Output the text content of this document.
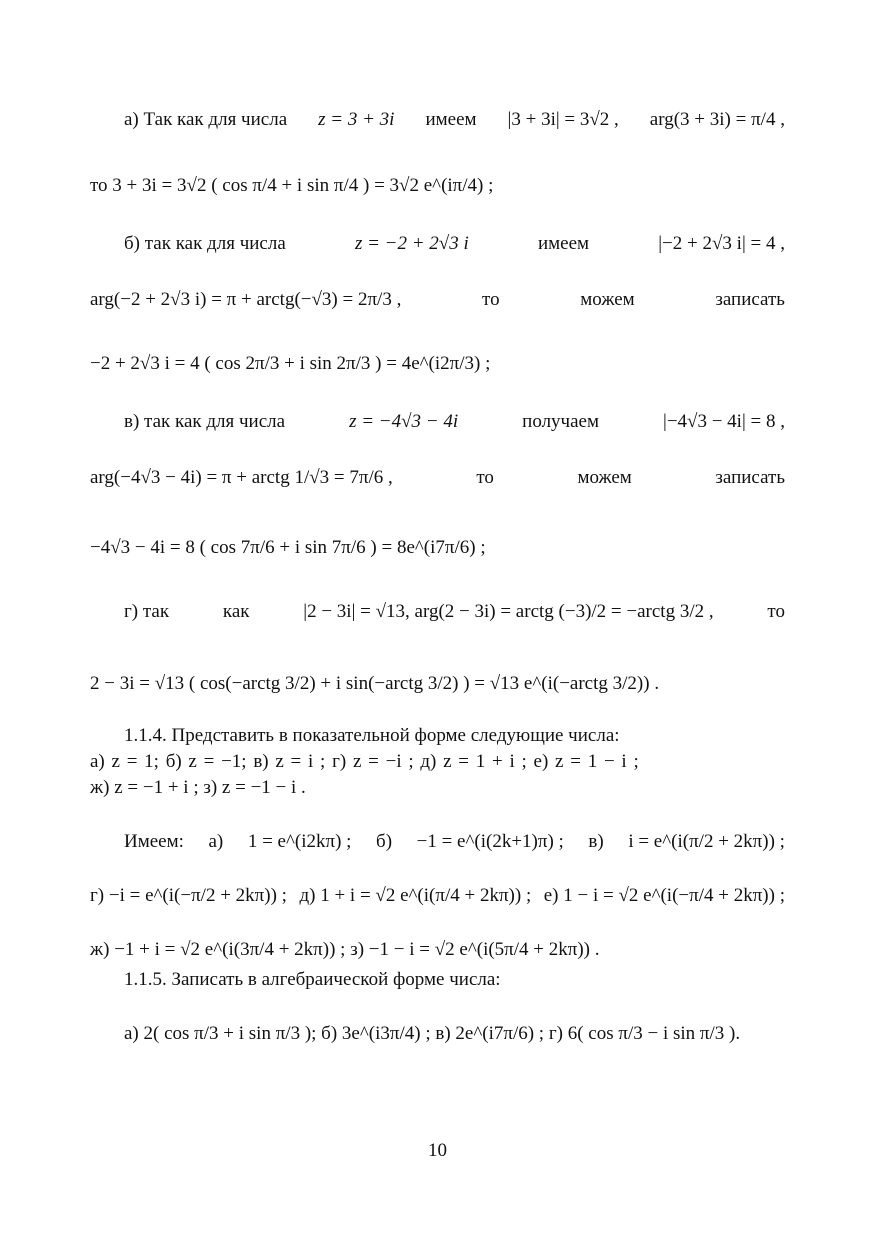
а) Так как для числа z = 3 + 3i имеем |3 + 3i| = 3√2 , arg(3 + 3i) = π/4 ,
то 3 + 3i = 3√2 ( cos π/4 + i sin π/4 ) = 3√2 e^(iπ/4) ;
б) так как для числа	z = −2 + 2√3 i	имеем	|−2 + 2√3 i| = 4 ,
arg(−2 + 2√3 i) = π + arctg(−√3) = 2π/3 ,	то	можем	записать
−2 + 2√3 i = 4 ( cos 2π/3 + i sin 2π/3 ) = 4e^(i2π/3) ;
в) так как для числа	z = −4√3 − 4i	получаем	|−4√3 − 4i| = 8 ,
arg(−4√3 − 4i) = π + arctg 1/√3 = 7π/6 ,	то	можем	записать
−4√3 − 4i = 8 ( cos 7π/6 + i sin 7π/6 ) = 8e^(i7π/6) ;
г) так	как	|2 − 3i| = √13, arg(2 − 3i) = arctg (−3)/2 = −arctg 3/2 ,	то
2 − 3i = √13 ( cos(−arctg 3/2) + i sin(−arctg 3/2) ) = √13 e^(i(−arctg 3/2)) .
1.1.4. Представить в показательной форме следующие числа:
а) z = 1; б) z = −1; в) z = i ; г) z = −i ; д) z = 1 + i ; е) z = 1 − i ;
ж) z = −1 + i ; з) z = −1 − i .
Имеем: а) 1 = e^(i2kπ) ; б) −1 = e^(i(2k+1)π) ; в) i = e^(i(π/2 + 2kπ)) ;
г) −i = e^(i(−π/2 + 2kπ)) ; д) 1 + i = √2 e^(i(π/4 + 2kπ)) ; е) 1 − i = √2 e^(i(−π/4 + 2kπ)) ;
ж) −1 + i = √2 e^(i(3π/4 + 2kπ)) ; з) −1 − i = √2 e^(i(5π/4 + 2kπ)) .
1.1.5. Записать в алгебраической форме числа:
а) 2( cos π/3 + i sin π/3 ); б) 3e^(i3π/4) ; в) 2e^(i7π/6) ; г) 6( cos π/3 − i sin π/3 ).
10
